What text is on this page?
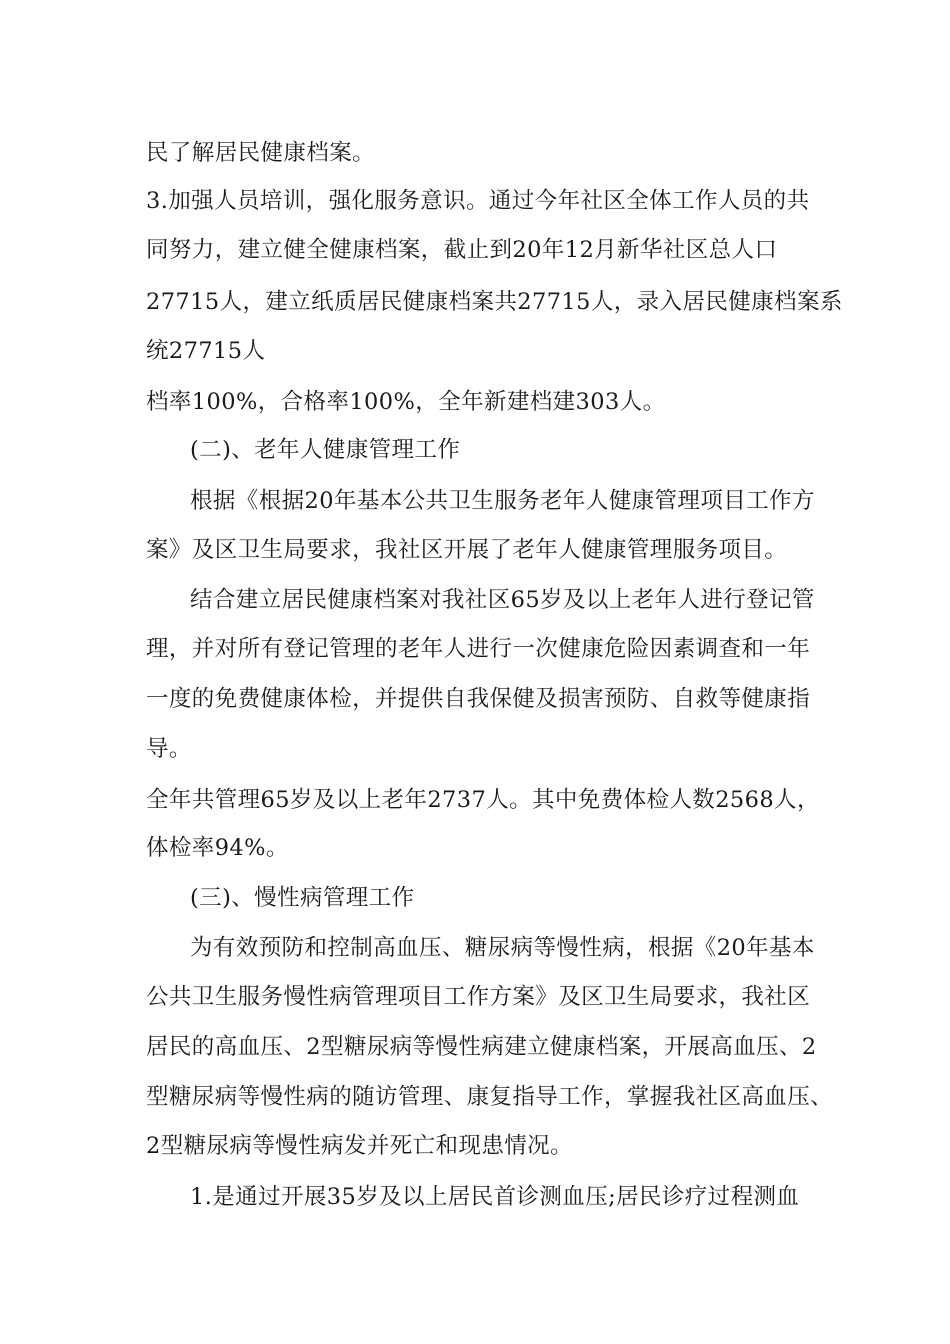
民了解居民健康档案。
3.加强人员培训，强化服务意识。通过今年社区全体工作人员的共
同努力，建立健全健康档案，截止到20年12月新华社区总人口
27715人，建立纸质居民健康档案共27715人，录入居民健康档案系
统27715人
档率100%，合格率100%，全年新建档建303人。
(二)、老年人健康管理工作
根据《根据20年基本公共卫生服务老年人健康管理项目工作方
案》及区卫生局要求，我社区开展了老年人健康管理服务项目。
结合建立居民健康档案对我社区65岁及以上老年人进行登记管
理，并对所有登记管理的老年人进行一次健康危险因素调查和一年
一度的免费健康体检，并提供自我保健及损害预防、自救等健康指
导。
全年共管理65岁及以上老年2737人。其中免费体检人数2568人，
体检率94%。
(三)、慢性病管理工作
为有效预防和控制高血压、糖尿病等慢性病，根据《20年基本
公共卫生服务慢性病管理项目工作方案》及区卫生局要求，我社区
居民的高血压、2型糖尿病等慢性病建立健康档案，开展高血压、2
型糖尿病等慢性病的随访管理、康复指导工作，掌握我社区高血压、
2型糖尿病等慢性病发并死亡和现患情况。
1.是通过开展35岁及以上居民首诊测血压;居民诊疗过程测血
